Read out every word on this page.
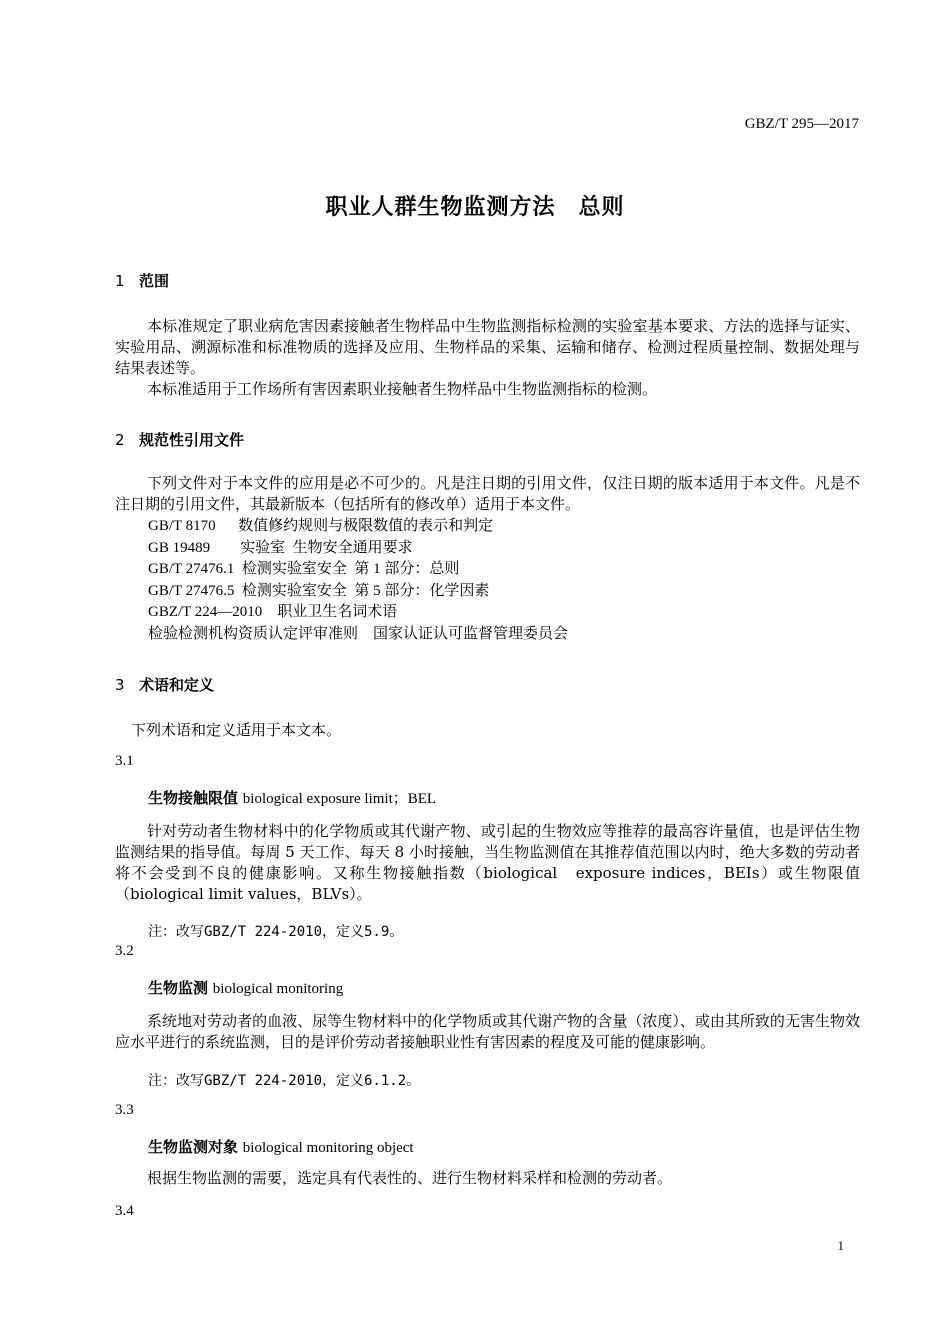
GBZ/T 295—2017
职业人群生物监测方法　总则
1 范围
本标准规定了职业病危害因素接触者生物样品中生物监测指标检测的实验室基本要求、方法的选择与证实、实验用品、溯源标准和标准物质的选择及应用、生物样品的采集、运输和储存、检测过程质量控制、数据处理与结果表述等。
本标准适用于工作场所有害因素职业接触者生物样品中生物监测指标的检测。
2 规范性引用文件
下列文件对于本文件的应用是必不可少的。凡是注日期的引用文件，仅注日期的版本适用于本文件。凡是不注日期的引用文件，其最新版本（包括所有的修改单）适用于本文件。
GB/T 8170      数值修约规则与极限数值的表示和判定
GB 19489        实验室  生物安全通用要求
GB/T 27476.1  检测实验室安全  第 1 部分：总则
GB/T 27476.5  检测实验室安全  第 5 部分：化学因素
GBZ/T 224—2010    职业卫生名词术语
检验检测机构资质认定评审准则    国家认证认可监督管理委员会
3 术语和定义
下列术语和定义适用于本文本。
3.1
生物接触限值 biological exposure limit；BEL
针对劳动者生物材料中的化学物质或其代谢产物、或引起的生物效应等推荐的最高容许量值，也是评估生物监测结果的指导值。每周 5 天工作、每天 8 小时接触，当生物监测值在其推荐值范围以内时，绝大多数的劳动者将不会受到不良的健康影响。又称生物接触指数（biological　exposure indices，BEIs）或生物限值（biological limit values，BLVs）。
注：改写GBZ/T 224-2010，定义5.9。
3.2
生物监测 biological monitoring
系统地对劳动者的血液、尿等生物材料中的化学物质或其代谢产物的含量（浓度）、或由其所致的无害生物效应水平进行的系统监测，目的是评价劳动者接触职业性有害因素的程度及可能的健康影响。
注：改写GBZ/T 224-2010，定义6.1.2。
3.3
生物监测对象 biological monitoring object
根据生物监测的需要，选定具有代表性的、进行生物材料采样和检测的劳动者。
3.4
1
